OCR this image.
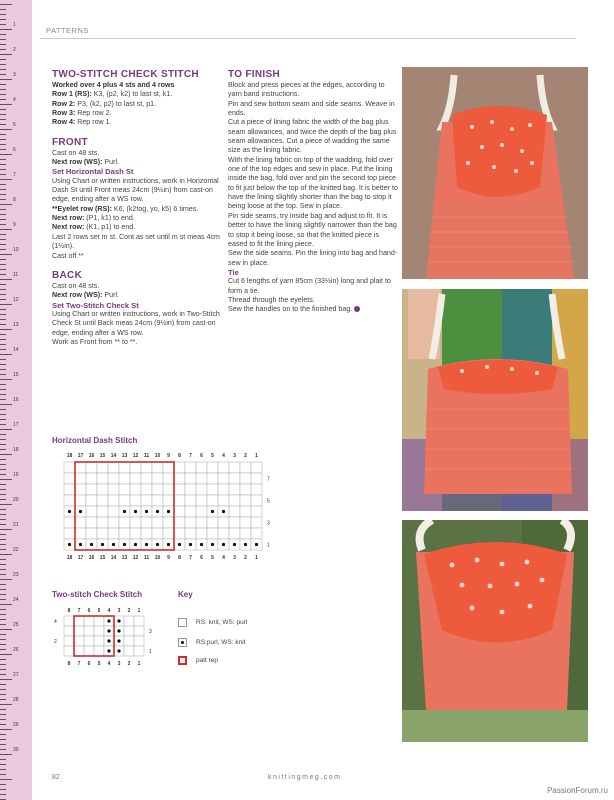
1
2
3
4
5
6
7
8
9
10
11
12
13
14
15
16
17
18
19
20
21
22
23
24
25
26
27
28
29
30
PATTERNS
TWO-STITCH CHECK STITCH

Worked over 4 plus 4 sts and 4 rows

Row 1 (RS): K3, (p2, k2) to last st, k1.

Row 2: P3, (k2, p2) to last st, p1.

Row 3: Rep row 2.

Row 4: Rep row 1.

FRONT

Cast on 48 sts.

Next row (WS): Purl.

Set Horizontal Dash St

Using Chart or written instructions, work in Horizontal Dash St until Front meas 24cm (9½in) from cast-on edge, ending after a WS row.

**Eyelet row (RS): K6, (k2tog, yo, k5) 6 times.

Next row: (P1, k1) to end.

Next row: (K1, p1) to end.

Last 2 rows set m st. Cont as set until m st meas 4cm (1½in).

Cast off.**

BACK

Cast on 48 sts.

Next row (WS): Purl.

Set Two-Stitch Check St

Using Chart or written instructions, work in Two-Stitch Check St until Back meas 24cm (9½in) from cast-on edge, ending after a WS row.

Work as Front from ** to **.

TO FINISH

Block and press pieces at the edges, according to yarn band instructions.

Pin and sew bottom seam and side seams. Weave in ends.

Cut a piece of lining fabric the width of the bag plus seam allowances, and twice the depth of the bag plus seam allowances. Cut a piece of wadding the same size as the lining fabric.

With the lining fabric on top of the wadding, fold over one of the top edges and sew in place. Put the lining inside the bag, fold over and pin the second top piece to fit just below the top of the knitted bag. It is better to have the lining slightly shorter than the bag to stop it being loose at the top. Sew in place.

Pin side seams, try inside bag and adjust to fit. It is better to have the lining slightly narrower than the bag to stop it being loose, so that the knitted piece is eased to fit the lining piece.

Sew the side seams. Pin the lining into bag and hand-sew in place.

Tie

Cut 6 lengths of yarn 85cm (33½in) long and plait to form a tie.

Thread through the eyelets.

Sew the handles on to the finished bag.

Horizontal Dash Stitch
18
18
17
17
16
16
15
15
14
14
13
13
12
12
11
11
10
10
9
9
8
8
7
7
6
6
5
5
4
4
3
3
2
2
1
1
7
5
3
1
Two-stitch Check Stitch
8
8
7
7
6
6
5
5
4
4
3
3
2
2
1
1
4
2
3
1
Key
RS: knit, WS: purl
RS:purl, WS: knit
patt rep
82	knittingmeg.com
PassionForum.ru
